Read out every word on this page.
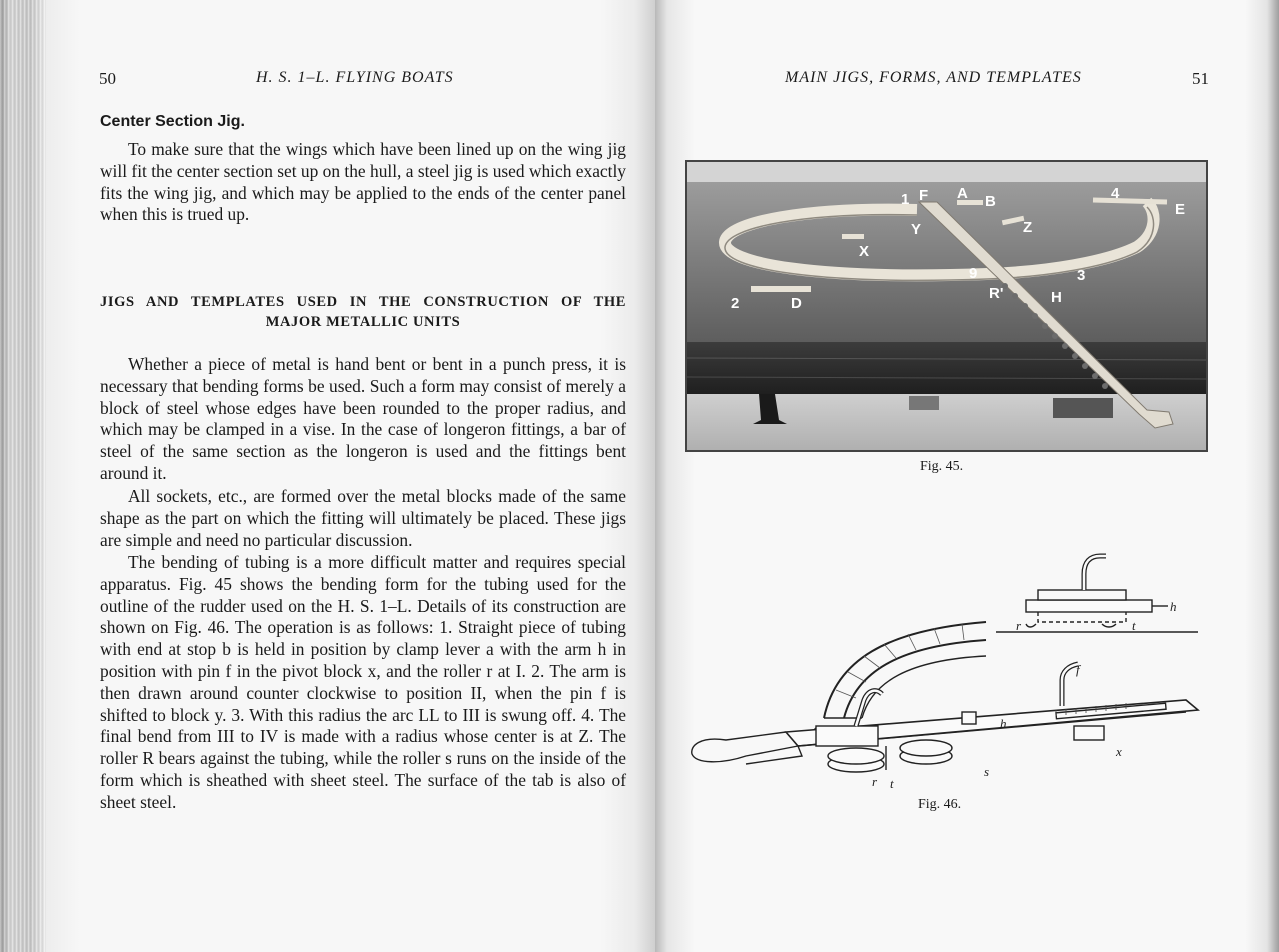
50	H. S. 1–L. FLYING BOATS
Center Section Jig.

To make sure that the wings which have been lined up on the wing jig will fit the center section set up on the hull, a steel jig is used which exactly fits the wing jig, and which may be applied to the ends of the center panel when this is trued up.

JIGS AND TEMPLATES USED IN THE CONSTRUCTION OF THE
MAJOR METALLIC UNITS

Whether a piece of metal is hand bent or bent in a punch press, it is necessary that bending forms be used. Such a form may consist of merely a block of steel whose edges have been rounded to the proper radius, and which may be clamped in a vise. In the case of longeron fittings, a bar of steel of the same section as the longeron is used and the fittings bent around it.

All sockets, etc., are formed over the metal blocks made of the same shape as the part on which the fitting will ultimately be placed. These jigs are simple and need no particular discussion.

The bending of tubing is a more difficult matter and requires special apparatus. Fig. 45 shows the bending form for the tubing used for the outline of the rudder used on the H. S. 1–L. Details of its construction are shown on Fig. 46. The operation is as follows: 1. Straight piece of tubing with end at stop b is held in position by clamp lever a with the arm h in position with pin f in the pivot block x, and the roller r at I. 2. The arm is then drawn around counter clockwise to position II, when the pin f is shifted to block y. 3. With this radius the arc LL to III is swung off. 4. The final bend from III to IV is made with a radius whose center is at Z. The roller R bears against the tubing, while the roller s runs on the inside of the form which is sheathed with sheet steel. The surface of the tab is also of sheet steel.

MAIN JIGS, FORMS, AND TEMPLATES	51
1 F A B	4
E
Y	Z
X
9	3
R'	H
2	D
Fig. 45.
h
r	t
f
h
x
r t
s
Fig. 46.
